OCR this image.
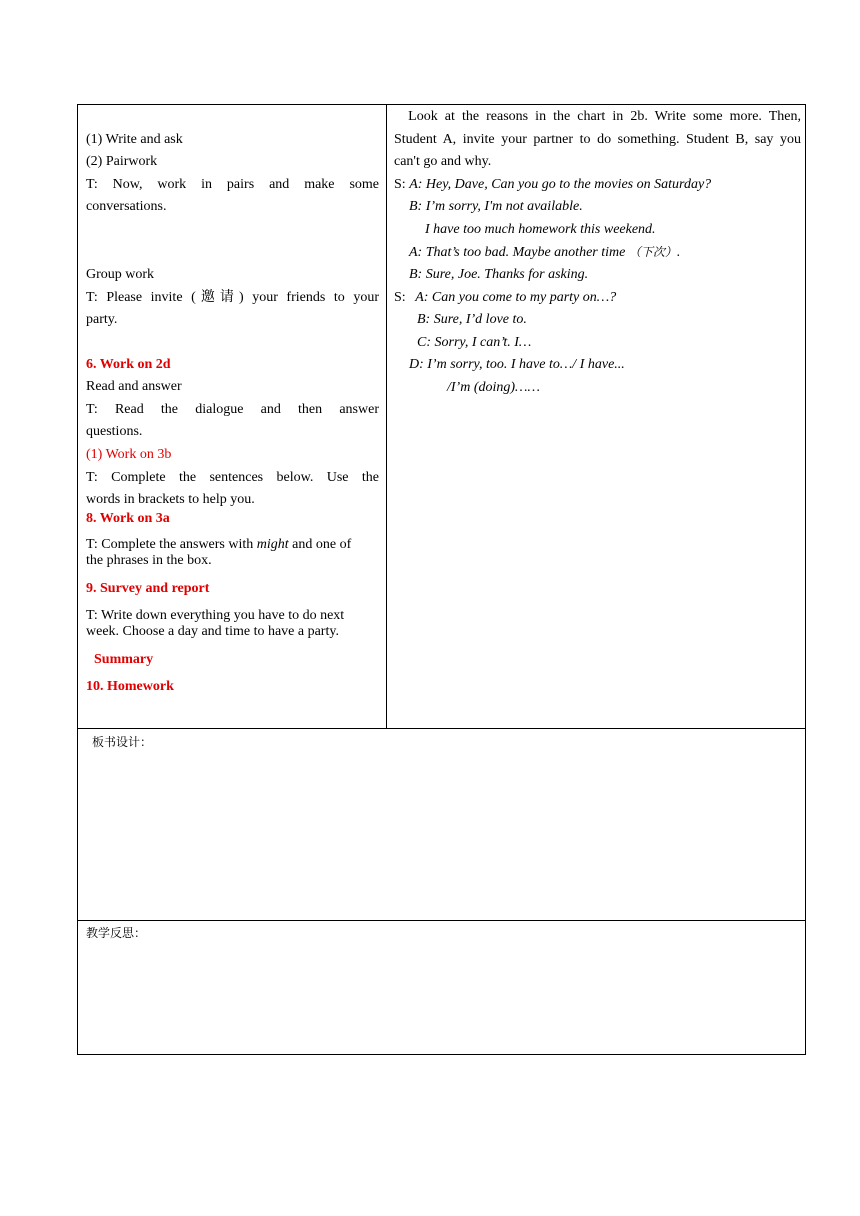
(1) Write and ask
(2) Pairwork
T: Now, work in pairs and make some
conversations.
Group work
T: Please invite (邀请) your friends to your
party.
6. Work on 2d
Read and answer
T: Read the dialogue and then answer
questions.
(1) Work on 3b
T: Complete the sentences below. Use the
words in brackets to help you.
8. Work on 3a
T: Complete the answers with might and one of
the phrases in the box.
9. Survey and report
T: Write down everything you have to do next
week. Choose a day and time to have a party.
Summary
10. Homework
Look at the reasons in the chart in 2b. Write some more. Then,
Student A, invite your partner to do something. Student B, say you
can't go and why.
S: A: Hey, Dave, Can you go to the movies on Saturday?
B: I’m sorry, I'm not available.
I have too much homework this weekend.
A: That’s too bad. Maybe another time （下次）.
B: Sure, Joe. Thanks for asking.
S: A: Can you come to my party on…?
B: Sure, I’d love to.
C: Sorry, I can’t. I…
D: I’m sorry, too. I have to…/ I have...
/I’m (doing)……
板书设计：
教学反思：
